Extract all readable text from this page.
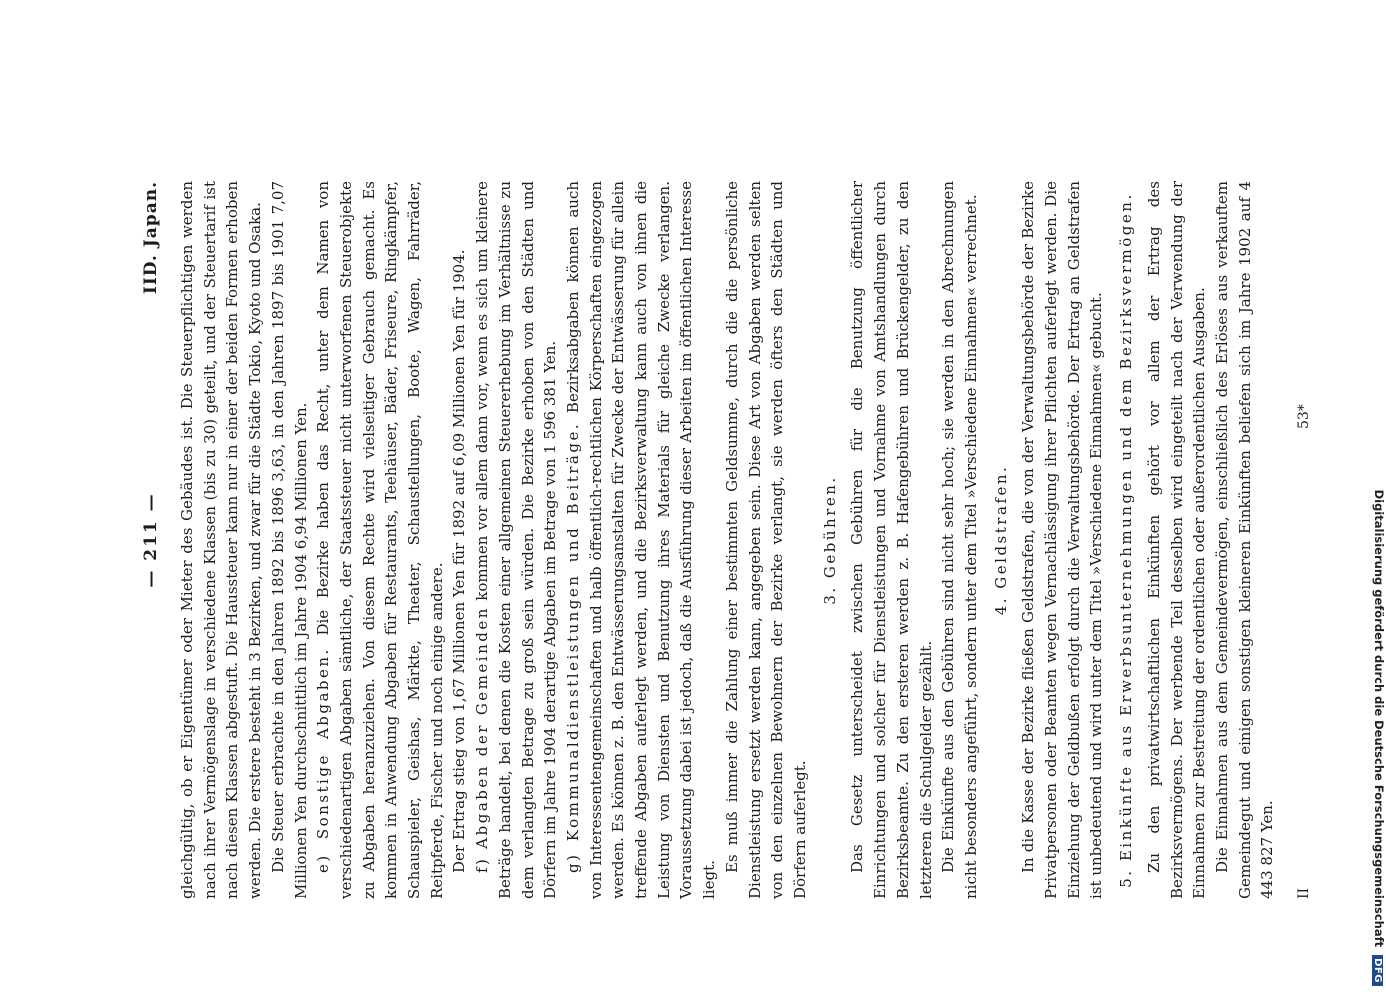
— 211 —
IID. Japan. gleichgültig, ob er Eigentümer oder Mieter des Gebäudes ist. Die Steuerpflichtigen werden nach ihrer Vermögenslage in verschiedene Klassen (bis zu 30) geteilt, und der Steuertarif ist nach diesen Klassen abgestuft. Die Haussteuer kann nur in einer der beiden Formen erhoben werden. Die erstere besteht in 3 Bezirken, und zwar für die Städte Tokio, Kyoto und Osaka. Die Steuer erbrachte in den Jahren 1892 bis 1896 3,63, in den Jahren 1897 bis 1901 7,07 Millionen Yen durchschnittlich im Jahre 1904 6,94 Millionen Yen. e) Sonstige Abgaben. Die Bezirke haben das Recht, unter dem Namen von verschiedenartigen Abgaben sämtliche, der Staatssteuer nicht unterworfenen Steuerobjekte zu Abgaben heranzuziehen. Von diesem Rechte wird vielseitiger Gebrauch gemacht. Es kommen in Anwendung Abgaben für Restaurants, Teehäuser, Bäder, Friseure, Ringkämpfer, Schauspieler, Geishas, Märkte, Theater, Schaustellungen, Boote, Wagen, Fahrräder, Reitpferde, Fischer und noch einige andere. Der Ertrag stieg von 1,67 Millionen Yen für 1892 auf 6,09 Millionen Yen für 1904. f) Abgaben der Gemeinden kommen vor allem dann vor, wenn es sich um kleinere Beträge handelt, bei denen die Kosten einer allgemeinen Steuererhebung im Verhältnisse zu dem verlangten Betrage zu groß sein würden. Die Bezirke erhoben von den Städten und Dörfern im Jahre 1904 derartige Abgaben im Betrage von 1 596 381 Yen. g) Kommunaldienstleistungen und Beiträge. Bezirksabgaben können auch von Interessentengemeinschaften und halb öffentlich-rechtlichen Körperschaften eingezogen werden. Es können z. B. den Entwässerungsanstalten für Zwecke der Entwässerung für allein treffende Abgaben auferlegt werden, und die Bezirksverwaltung kann auch von ihnen die Leistung von Diensten und Benutzung ihres Materials für gleiche Zwecke verlangen. Voraussetzung dabei ist jedoch, daß die Ausführung dieser Arbeiten im öffentlichen Interesse liegt.

Es muß immer die Zahlung einer bestimmten Geldsumme, durch die die persönliche Dienstleistung ersetzt werden kann, angegeben sein. Diese Art von Abgaben werden selten von den einzelnen Bewohnern der Bezirke verlangt, sie werden öfters den Städten und Dörfern auferlegt.

3. Gebühren. Das Gesetz unterscheidet zwischen Gebühren für die Benutzung öffentlicher Einrichtungen und solcher für Dienstleistungen und Vornahme von Amtshandlungen durch Bezirksbeamte. Zu den ersteren werden z. B. Hafengebühren und Brückengelder, zu den letzteren die Schulgelder gezählt. Die Einkünfte aus den Gebühren sind nicht sehr hoch; sie werden in den Abrechnungen nicht besonders angeführt, sondern unter dem Titel »Verschiedene Einnahmen« verrechnet. 4. Geldstrafen. In die Kasse der Bezirke fließen Geldstrafen, die von der Verwaltungsbehörde der Bezirke Privatpersonen oder Beamten wegen Vernachlässigung ihrer Pflichten auferlegt werden. Die Einziehung der Geldbußen erfolgt durch die Verwaltungsbehörde. Der Ertrag an Geldstrafen ist unbedeutend und wird unter dem Titel »Verschiedene Einnahmen« gebucht. 5. Einkünfte aus Erwerbsunternehmungen und dem Bezirksvermögen. Zu den privatwirtschaftlichen Einkünften gehört vor allem der Ertrag des Bezirksvermögens. Der werbende Teil desselben wird eingeteilt nach der Verwendung der Einnahmen zur Bestreitung der ordentlichen oder außerordentlichen Ausgaben. Die Einnahmen aus dem Gemeindevermögen, einschließlich des Erlöses aus verkauftem Gemeindegut und einigen sonstigen kleineren Einkünften beliefen sich im Jahre 1902 auf 4 443 827 Yen. II
53*
Digitalisierung gefördert durch die Deutsche Forschungsgemeinschaft DFG
